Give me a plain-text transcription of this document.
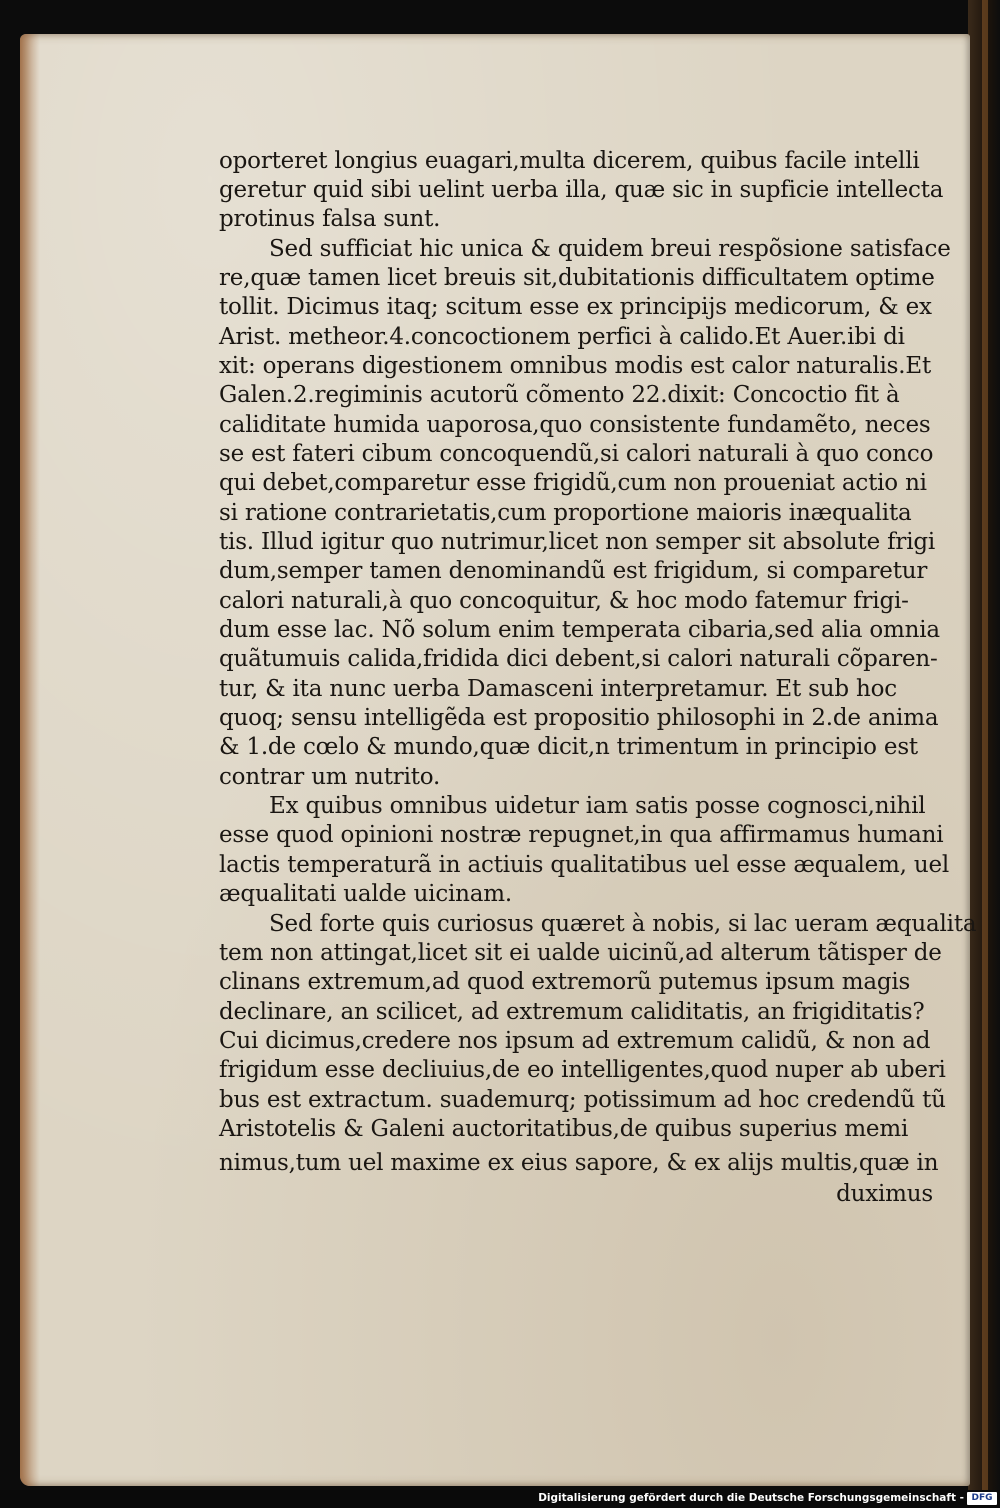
oporteret longius euagari,multa dicerem, quibus facile intelli
geretur quid sibi uelint uerba illa, quæ sic in supficie intellecta
protinus falsa sunt.
Sed sufficiat hic unica & quidem breui respõsione satisface
re,quæ tamen licet breuis sit,dubitationis difficultatem optime
tollit. Dicimus itaq; scitum esse ex principijs medicorum, & ex
Arist. metheor.4.concoctionem perfici à calido.Et Auer.ibi di
xit: operans digestionem omnibus modis est calor naturalis.Et
Galen.2.regiminis acutorũ cõmento 22.dixit: Concoctio fit à
caliditate humida uaporosa,quo consistente fundamẽto, neces
se est fateri cibum concoquendũ,si calori naturali à quo conco
qui debet,comparetur esse frigidũ,cum non proueniat actio ni
si ratione contrarietatis,cum proportione maioris inæqualita
tis. Illud igitur quo nutrimur,licet non semper sit absolute frigi
dum,semper tamen denominandũ est frigidum, si comparetur
calori naturali,à quo concoquitur, & hoc modo fatemur frigi-
dum esse lac. Nõ solum enim temperata cibaria,sed alia omnia
quãtumuis calida,fridida dici debent,si calori naturali cõparen-
tur, & ita nunc uerba Damasceni interpretamur. Et sub hoc
quoq; sensu intelligẽda est propositio philosophi in 2.de anima
& 1.de cœlo & mundo,quæ dicit,n trimentum in principio est
contrar um nutrito.
Ex quibus omnibus uidetur iam satis posse cognosci,nihil
esse quod opinioni nostræ repugnet,in qua affirmamus humani
lactis temperaturã in actiuis qualitatibus uel esse æqualem, uel
æqualitati ualde uicinam.
Sed forte quis curiosus quæret à nobis, si lac ueram æqualita
tem non attingat,licet sit ei ualde uicinũ,ad alterum tãtisper de
clinans extremum,ad quod extremorũ putemus ipsum magis
declinare, an scilicet, ad extremum caliditatis, an frigiditatis?
Cui dicimus,credere nos ipsum ad extremum calidũ, & non ad
frigidum esse decliuius,de eo intelligentes,quod nuper ab uberi
bus est extractum. suademurq; potissimum ad hoc credendũ tũ
Aristotelis & Galeni auctoritatibus,de quibus superius memi
nimus,tum uel maxime ex eius sapore, & ex alijs multis,quæ in
duximus
Digitalisierung gefördert durch die Deutsche Forschungsgemeinschaft - DFG
